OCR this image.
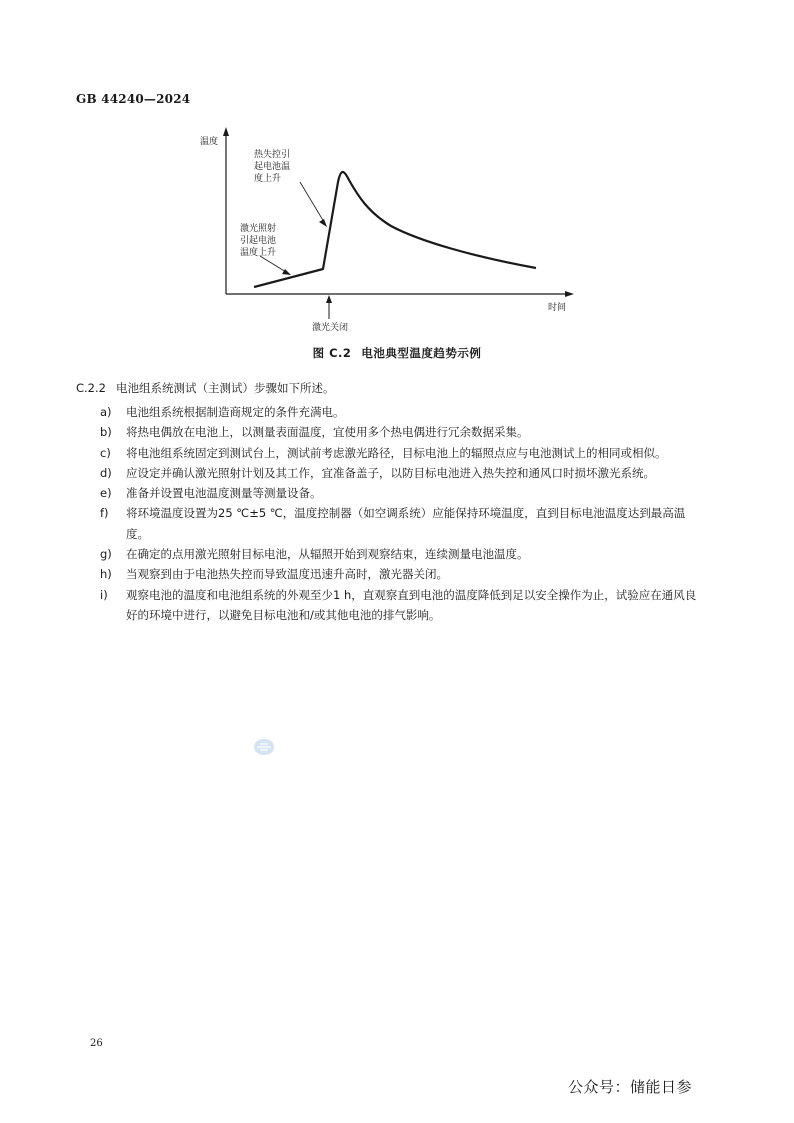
GB 44240—2024
温度
时间
热失控引
起电池温
度上升
激光照射
引起电池
温度上升
激光关闭
图 C.2 电池典型温度趋势示例
C.2.2 电池组系统测试（主测试）步骤如下所述。
a) 电池组系统根据制造商规定的条件充满电。
b) 将热电偶放在电池上，以测量表面温度，宜使用多个热电偶进行冗余数据采集。
c) 将电池组系统固定到测试台上，测试前考虑激光路径，目标电池上的辐照点应与电池测试上的相同或相似。
d) 应设定并确认激光照射计划及其工作，宜准备盖子，以防目标电池进入热失控和通风口时损坏激光系统。
e) 准备并设置电池温度测量等测量设备。
f) 将环境温度设置为25 ℃±5 ℃，温度控制器（如空调系统）应能保持环境温度，直到目标电池温度达到最高温度。
g) 在确定的点用激光照射目标电池，从辐照开始到观察结束，连续测量电池温度。
h) 当观察到由于电池热失控而导致温度迅速升高时，激光器关闭。
i) 观察电池的温度和电池组系统的外观至少1 h，直观察直到电池的温度降低到足以安全操作为止，试验应在通风良好的环境中进行，以避免目标电池和/或其他电池的排气影响。
26
公众号：储能日参
